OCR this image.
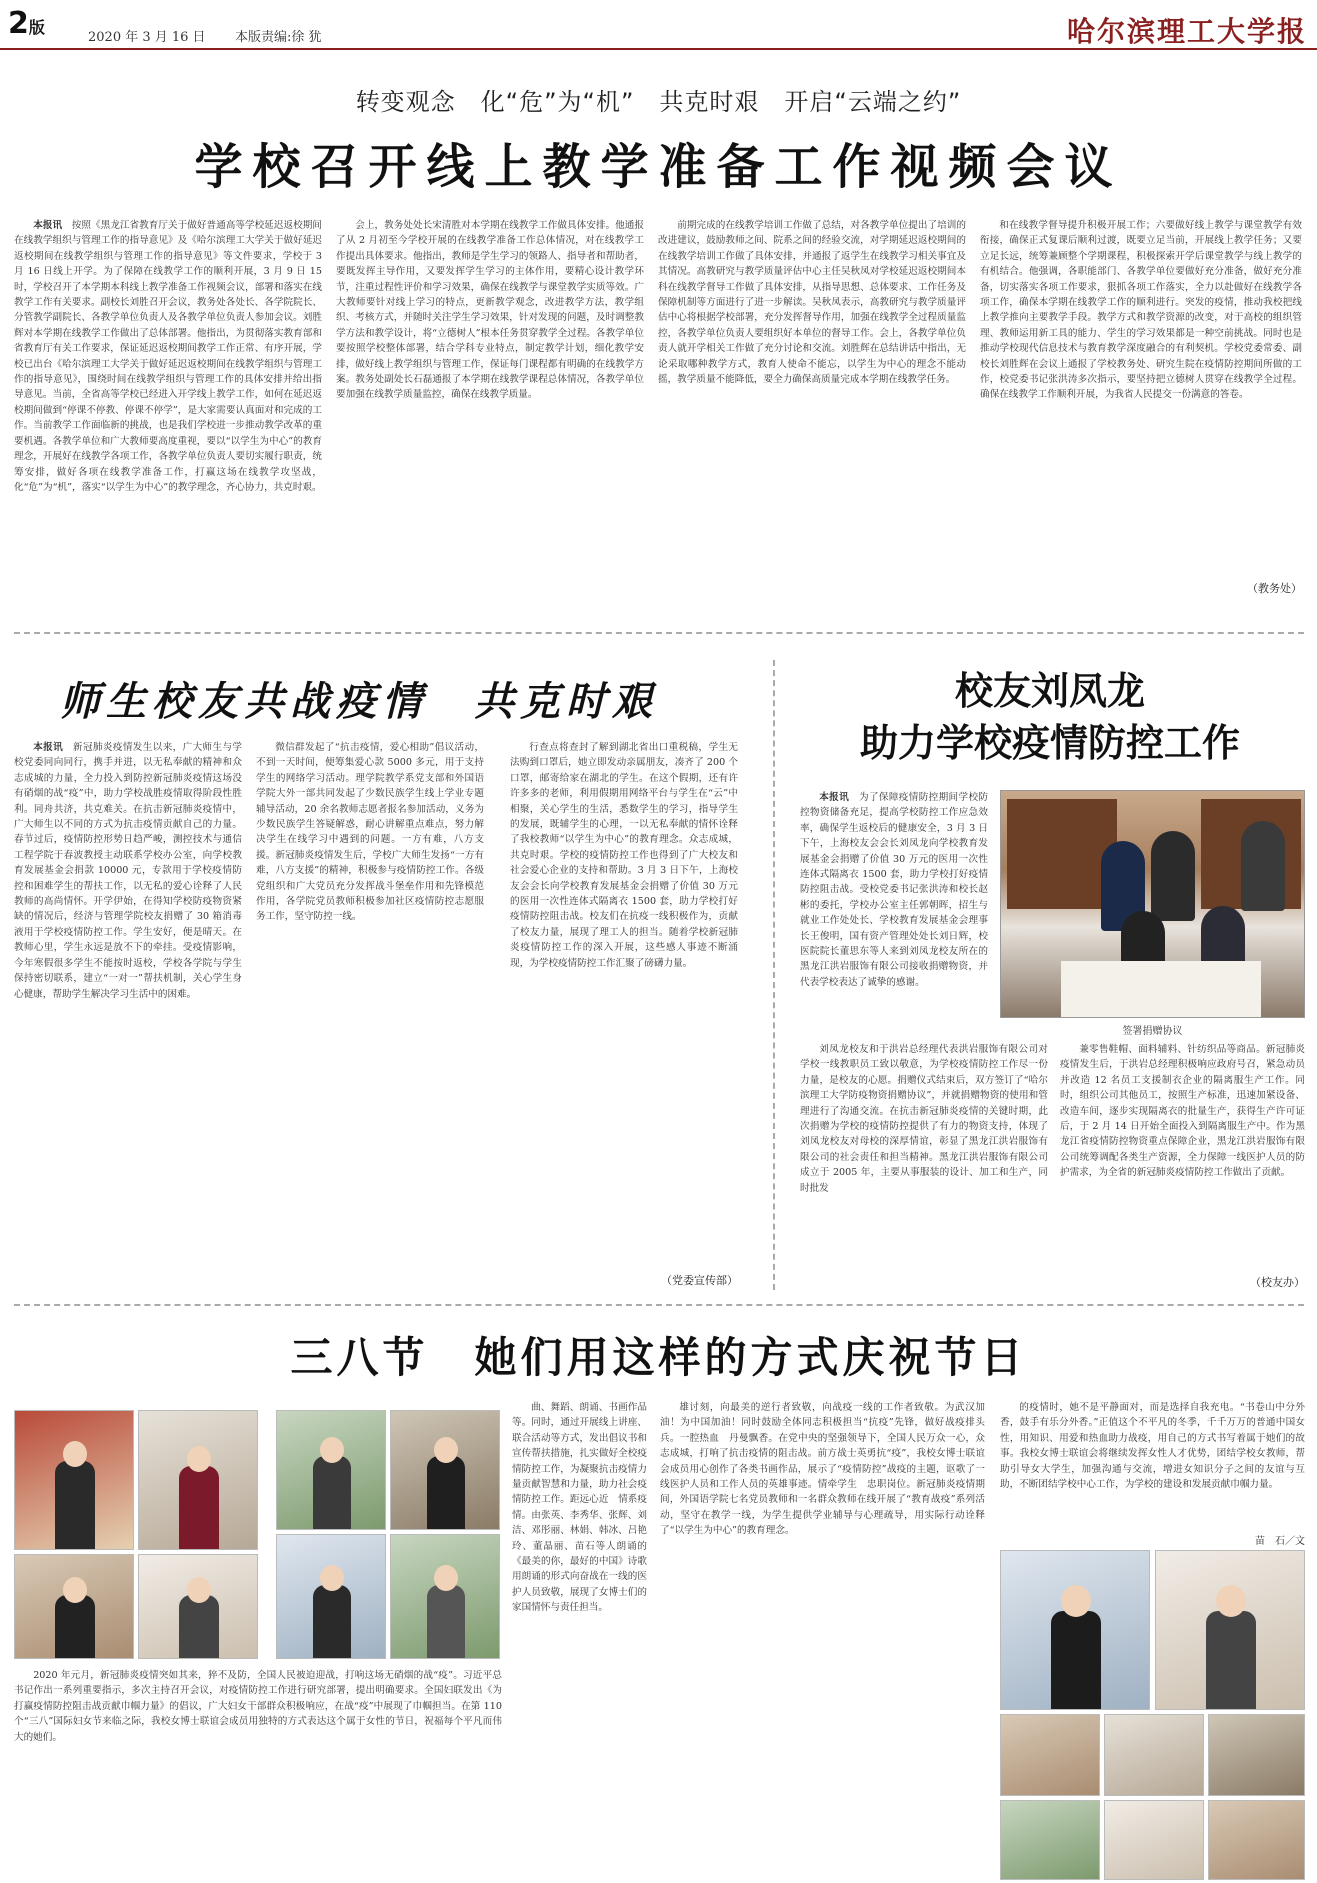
2版
2020 年 3 月 16 日 本版责编:徐 犹	哈尔滨理工大学报
转变观念　化“危”为“机”　共克时艰　开启“云端之约”
学校召开线上教学准备工作视频会议

本报讯　 按照《黑龙江省教育厅关于做好普通高等学校延迟返校期间在线教学组织与管理工作的指导意见》及《哈尔滨理工大学关于做好延迟返校期间在线教学组织与管理工作的指导意见》等文件要求，学校于 3 月 16 日线上开学。为了保障在线教学工作的顺利开展，3 月 9 日 15 时，学校召开了本学期本科线上教学准备工作视频会议，部署和落实在线教学工作有关要求。副校长刘胜召开会议，教务处各处长、各学院院长、分管教学副院长、各教学单位负责人及各教学单位负责人参加会议。刘胜辉对本学期在线教学工作做出了总体部署。他指出，为贯彻落实教育部和省教育厅有关工作要求，保证延迟返校期间教学工作正常、有序开展，学校已出台《哈尔滨理工大学关于做好延迟返校期间在线教学组织与管理工作的指导意见》，围绕时间在线教学组织与管理工作的具体安排并给出指导意见。当前，全省高等学校已经进入开学线上教学工作，如何在延迟返校期间做到“停课不停教、停课不停学”，是大家需要认真面对和完成的工作。当前教学工作面临新的挑战，也是我们学校进一步推动教学改革的重要机遇。各教学单位和广大教师要高度重视，要以“以学生为中心”的教育理念，开展好在线教学各项工作，各教学单位负责人要切实履行职责，统筹安排，做好各项在线教学准备工作，打赢这场在线教学攻坚战，化“危”为“机”，落实“以学生为中心”的教学理念，齐心协力，共克时艰。

会上，教务处处长宋清胜对本学期在线教学工作做具体安排。他通报了从 2 月初至今学校开展的在线教学准备工作总体情况，对在线教学工作提出具体要求。他指出，教师是学生学习的领路人、指导者和帮助者，要既发挥主导作用，又要发挥学生学习的主体作用，要精心设计教学环节，注重过程性评价和学习效果，确保在线教学与课堂教学实质等效。广大教师要针对线上学习的特点，更新教学观念，改进教学方法，教学组织、考核方式，并随时关注学生学习效果，针对发现的问题，及时调整教学方法和教学设计，将“立德树人”根本任务贯穿教学全过程。各教学单位要按照学校整体部署，结合学科专业特点，制定教学计划，细化教学安排，做好线上教学组织与管理工作，保证每门课程都有明确的在线教学方案。教务处副处长石磊通报了本学期在线教学课程总体情况，各教学单位要加强在线教学质量监控，确保在线教学质量。

前期完成的在线教学培训工作做了总结，对各教学单位提出了培训的改进建议，鼓励教师之间、院系之间的经验交流，对学期延迟返校期间的在线教学培训工作做了具体安排，并通报了返学生在线教学习相关事宜及其情况。高教研究与教学质量评估中心主任吴秋凤对学校延迟返校期间本科在线教学督导工作做了具体安排，从指导思想、总体要求、工作任务及保障机制等方面进行了进一步解读。吴秋凤表示，高教研究与教学质量评估中心将根据学校部署，充分发挥督导作用，加强在线教学全过程质量监控，各教学单位负责人要组织好本单位的督导工作。会上，各教学单位负责人就开学相关工作做了充分讨论和交流。刘胜辉在总结讲话中指出，无论采取哪种教学方式，教育人使命不能忘，以学生为中心的理念不能动摇，教学质量不能降低，要全力确保高质量完成本学期在线教学任务。

和在线教学督导提升积极开展工作；六要做好线上教学与课堂教学有效衔接，确保正式复课后顺利过渡，既要立足当前，开展线上教学任务；又要立足长远，统筹兼顾整个学期课程，积极探索开学后课堂教学与线上教学的有机结合。他强调，各职能部门、各教学单位要做好充分准备，做好充分准备，切实落实各项工作要求，狠抓各项工作落实，全力以赴做好在线教学各项工作，确保本学期在线教学工作的顺利进行。突发的疫情，推动我校把线上教学推向主要教学手段。教学方式和教学资源的改变，对于高校的组织管理、教师运用新工具的能力、学生的学习效果都是一种空前挑战。同时也是推动学校现代信息技术与教育教学深度融合的有利契机。学校党委常委、副校长刘胜辉在会议上通报了学校教务处、研究生院在疫情防控期间所做的工作，校党委书记张洪涛多次指示，要坚持把立德树人贯穿在线教学全过程。确保在线教学工作顺利开展，为我省人民提交一份满意的答卷。

（教务处）
师生校友共战疫情　共克时艰

本报讯　 新冠肺炎疫情发生以来，广大师生与学校党委同向同行，携手并进，以无私奉献的精神和众志成城的力量，全力投入到防控新冠肺炎疫情这场没有硝烟的战“疫”中，助力学校战胜疫情取得阶段性胜利。同舟共济，共克难关。在抗击新冠肺炎疫情中，广大师生以不同的方式为抗击疫情贡献自己的力量。春节过后，疫情防控形势日趋严峻，测控技术与通信工程学院于春波教授主动联系学校办公室，向学校教育发展基金会捐款 10000 元，专款用于学校疫情防控和困难学生的帮扶工作，以无私的爱心诠释了人民教师的高尚情怀。开学伊始，在得知学校防疫物资紧缺的情况后，经济与管理学院校友捐赠了 30 箱消毒液用于学校疫情防控工作。学生安好，便是晴天。在教师心里，学生永远是放不下的牵挂。受疫情影响，今年寒假很多学生不能按时返校，学校各学院与学生保持密切联系，建立“一对一”帮扶机制，关心学生身心健康，帮助学生解决学习生活中的困难。

微信群发起了“抗击疫情，爱心相助”倡议活动，不到一天时间，便筹集爱心款 5000 多元，用于支持学生的网络学习活动。理学院教学系党支部和外国语学院大外一部共同发起了少数民族学生线上学业专题辅导活动，20 余名教师志愿者报名参加活动，义务为少数民族学生答疑解惑，耐心讲解重点难点，努力解决学生在线学习中遇到的问题。一方有难，八方支援。新冠肺炎疫情发生后，学校广大师生发扬“一方有难，八方支援”的精神，积极参与疫情防控工作。各级党组织和广大党员充分发挥战斗堡垒作用和先锋模范作用，各学院党员教师积极参加社区疫情防控志愿服务工作，坚守防控一线。

行查点将查封了解到湖北省出口重税稿，学生无法购到口罩后，她立即发动亲属朋友，凑齐了 200 个口罩，邮寄给家在湖北的学生。在这个假期，还有许许多多的老师，利用假期用网络平台与学生在“云”中相聚，关心学生的生活，悉数学生的学习，指导学生的发展，既辅学生的心理，一以无私奉献的情怀诠释了我校教师“以学生为中心”的教育理念。众志成城，共克时艰。学校的疫情防控工作也得到了广大校友和社会爱心企业的支持和帮助。3 月 3 日下午，上海校友会会长向学校教育发展基金会捐赠了价值 30 万元的医用一次性连体式隔离衣 1500 套，助力学校打好疫情防控阻击战。校友们在抗疫一线积极作为，贡献了校友力量，展现了理工人的担当。随着学校新冠肺炎疫情防控工作的深入开展，这些感人事迹不断涌现，为学校疫情防控工作汇聚了磅礴力量。

（党委宣传部）
校友刘凤龙
助力学校疫情防控工作

本报讯　 为了保障疫情防控期间学校防控物资储备充足，提高学校防控工作应急效率，确保学生返校后的健康安全，3 月 3 日下午，上海校友会会长刘凤龙向学校教育发展基金会捐赠了价值 30 万元的医用一次性连体式隔离衣 1500 套，助力学校打好疫情防控阻击战。受校党委书记张洪涛和校长赵彬的委托，学校办公室主任郭朝晖，招生与就业工作处处长、学校教育发展基金会理事长王俊明，国有资产管理处处长刘日辉，校医院院长董思东等人来到刘凤龙校友所在的黑龙江洪岩服饰有限公司接收捐赠物资，并代表学校表达了诚挚的感谢。

签署捐赠协议

刘凤龙校友和于洪岩总经理代表洪岩服饰有限公司对学校一线教职员工致以敬意，为学校疫情防控工作尽一份力量，是校友的心愿。捐赠仪式结束后，双方签订了“哈尔滨理工大学防疫物资捐赠协议”，并就捐赠物资的使用和管理进行了沟通交流。在抗击新冠肺炎疫情的关键时期，此次捐赠为学校的疫情防控提供了有力的物资支持，体现了刘凤龙校友对母校的深厚情谊，彰显了黑龙江洪岩服饰有限公司的社会责任和担当精神。黑龙江洪岩服饰有限公司成立于 2005 年，主要从事服装的设计、加工和生产，同时批发

兼零售鞋帽、面料辅料、针纺织品等商品。新冠肺炎疫情发生后，于洪岩总经理积极响应政府号召，紧急动员并改造 12 名员工支援制衣企业的隔离服生产工作。同时，组织公司其他员工，按照生产标准，迅速加紧设备、改造车间，逐步实现隔离衣的批量生产，获得生产许可证后，于 2 月 14 日开始全面投入到隔离服生产中。作为黑龙江省疫情防控物资重点保障企业，黑龙江洪岩服饰有限公司统筹调配各类生产资源，全力保障一线医护人员的防护需求，为全省的新冠肺炎疫情防控工作做出了贡献。

（校友办）
三八节　她们用这样的方式庆祝节日

2020 年元月，新冠肺炎疫情突如其来，猝不及防，全国人民被迫迎战，打响这场无硝烟的战“疫”。习近平总书记作出一系列重要指示，多次主持召开会议，对疫情防控工作进行研究部署，提出明确要求。全国妇联发出《为打赢疫情防控阻击战贡献巾帼力量》的倡议，广大妇女干部群众积极响应，在战“疫”中展现了巾帼担当。在第 110 个“三八”国际妇女节来临之际，我校女博士联谊会成员用独特的方式表达这个属于女性的节日，祝福每个平凡而伟大的她们。

曲、舞蹈、朗诵、书画作品等。同时，通过开展线上讲座、联合活动等方式，发出倡议书和宣传帮扶措施，扎实做好全校疫情防控工作，为凝聚抗击疫情力量贡献智慧和力量，助力社会疫情防控工作。距远心近　情系疫情。由张英、李秀华、张辉、刘洁、邓彤丽、林娟、韩冰、吕艳玲、董晶丽、苗石等人朗诵的《最美的你，最好的中国》诗歌用朗诵的形式向奋战在一线的医护人员致敬，展现了女博士们的家国情怀与责任担当。

雄讨刻，向最美的逆行者致敬，向战疫一线的工作者致敬。为武汉加油！为中国加油！同时鼓励全体同志积极担当“抗疫”先锋，做好战疫排头兵。一腔热血　丹曼飘香。在党中央的坚强领导下，全国人民万众一心，众志成城，打响了抗击疫情的阻击战。前方战士英勇抗“疫”，我校女博士联谊会成员用心创作了各类书画作品，展示了“疫情防控”战疫的主题，讴歌了一线医护人员和工作人员的英雄事迹。情牵学生　忠职岗位。新冠肺炎疫情期间，外国语学院七名党员教师和一名群众教师在线开展了“教育战疫”系列活动，坚守在教学一线，为学生提供学业辅导与心理疏导，用实际行动诠释了“以学生为中心”的教育理念。

的疫情时，她不是平静面对，而是选择自我充电。“书卷山中分外香，鼓手有乐分外香。”正值这个不平凡的冬季，千千万万的普通中国女性，用知识、用爱和热血助力战疫，用自己的方式书写着属于她们的故事。我校女博士联谊会将继续发挥女性人才优势，团结学校女教师，帮助引导女大学生，加强沟通与交流，增进女知识分子之间的友谊与互助，不断团结学校中心工作，为学校的建设和发展贡献巾帼力量。

苗　石／文
